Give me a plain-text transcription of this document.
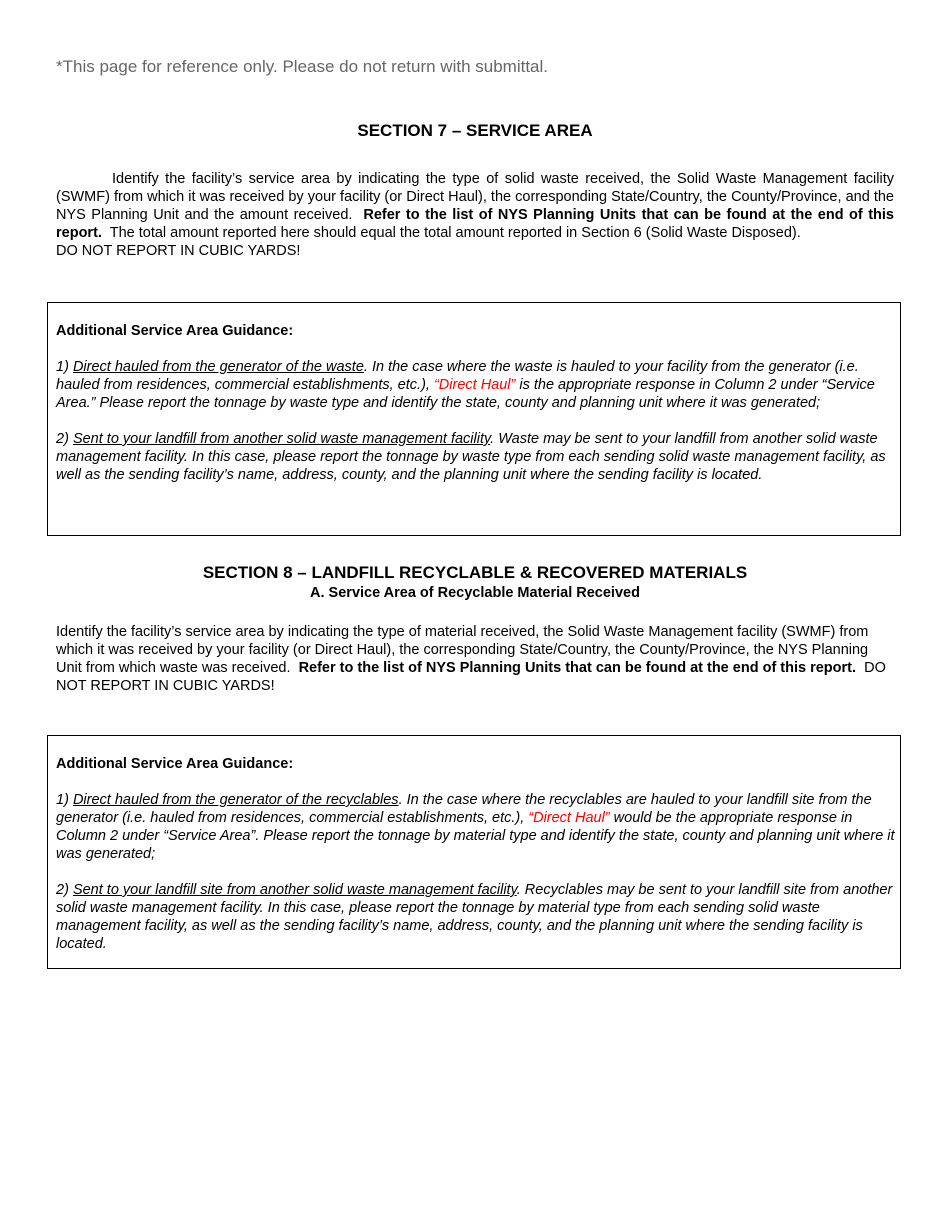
*This page for reference only. Please do not return with submittal.
SECTION 7 – SERVICE AREA
Identify the facility’s service area by indicating the type of solid waste received, the Solid Waste Management facility (SWMF) from which it was received by your facility (or Direct Haul), the corresponding State/Country, the County/Province, and the NYS Planning Unit and the amount received. Refer to the list of NYS Planning Units that can be found at the end of this report. The total amount reported here should equal the total amount reported in Section 6 (Solid Waste Disposed).
DO NOT REPORT IN CUBIC YARDS!
Additional Service Area Guidance:
1) Direct hauled from the generator of the waste. In the case where the waste is hauled to your facility from the generator (i.e. hauled from residences, commercial establishments, etc.), “Direct Haul” is the appropriate response in Column 2 under “Service Area.” Please report the tonnage by waste type and identify the state, county and planning unit where it was generated;
2) Sent to your landfill from another solid waste management facility. Waste may be sent to your landfill from another solid waste management facility. In this case, please report the tonnage by waste type from each sending solid waste management facility, as well as the sending facility’s name, address, county, and the planning unit where the sending facility is located.
SECTION 8 – LANDFILL RECYCLABLE & RECOVERED MATERIALS
A. Service Area of Recyclable Material Received
Identify the facility’s service area by indicating the type of material received, the Solid Waste Management facility (SWMF) from which it was received by your facility (or Direct Haul), the corresponding State/Country, the County/Province, the NYS Planning Unit from which waste was received. Refer to the list of NYS Planning Units that can be found at the end of this report. DO NOT REPORT IN CUBIC YARDS!
Additional Service Area Guidance:
1) Direct hauled from the generator of the recyclables. In the case where the recyclables are hauled to your landfill site from the generator (i.e. hauled from residences, commercial establishments, etc.), “Direct Haul” would be the appropriate response in Column 2 under “Service Area”. Please report the tonnage by material type and identify the state, county and planning unit where it was generated;
2) Sent to your landfill site from another solid waste management facility. Recyclables may be sent to your landfill site from another solid waste management facility. In this case, please report the tonnage by material type from each sending solid waste management facility, as well as the sending facility’s name, address, county, and the planning unit where the sending facility is located.
